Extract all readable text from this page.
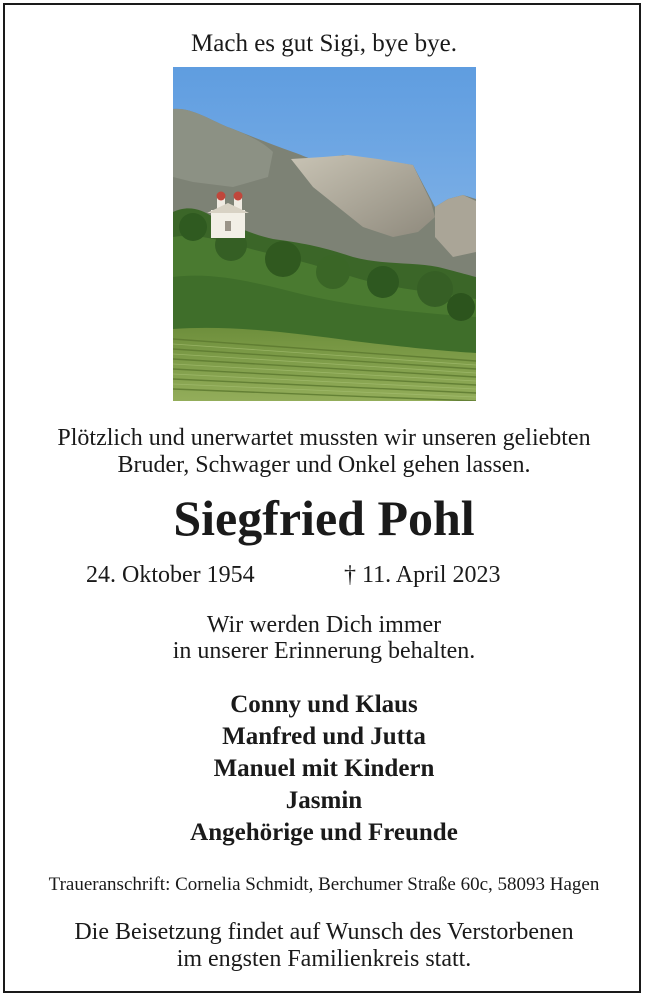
Mach es gut Sigi, bye bye.
Plötzlich und unerwartet mussten wir unseren geliebten
Bruder, Schwager und Onkel gehen lassen.
Siegfried Pohl
24. Oktober 1954	† 11. April 2023
Wir werden Dich immer
in unserer Erinnerung behalten.
Conny und Klaus
Manfred und Jutta
Manuel mit Kindern
Jasmin
Angehörige und Freunde
Traueranschrift: Cornelia Schmidt, Berchumer Straße 60c, 58093 Hagen
Die Beisetzung findet auf Wunsch des Verstorbenen
im engsten Familienkreis statt.
